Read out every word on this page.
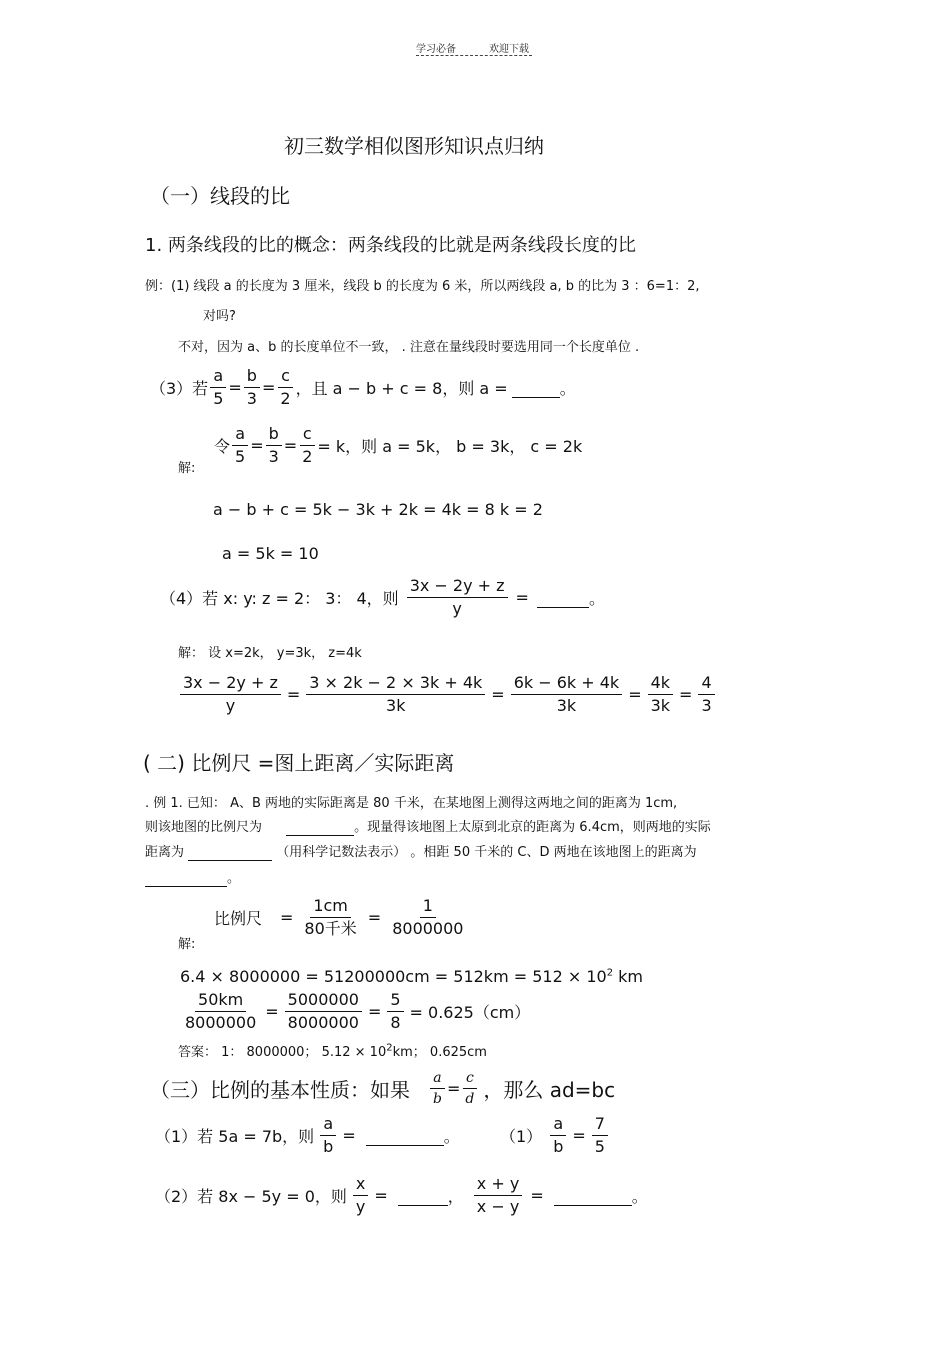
学习必备	欢迎下载
初三数学相似图形知识点归纳
（一）线段的比
1. 两条线段的比的概念：两条线段的比就是两条线段长度的比
例：(1) 线段 a 的长度为 3 厘米，线段 b 的长度为 6 米，所以两线段 a, b 的比为 3 ：6=1：2,
对吗?
不对，因为 a、b 的长度单位不一致， . 注意在量线段时要选用同一个长度单位 .
（3）若 $\frac{a}{5} = \frac{b}{3} = \frac{c}{2}$ ，且 a − b + c = 8，则 a =
	。
令 $\frac{a}{5} = \frac{b}{3} = \frac{c}{2} = k$，则 a = 5k， b = 3k， c = 2k
解:
a − b + c = 5k − 3k + 2k = 4k = 8 k = 2
a = 5k = 10
（4）若 x: y: z = 2： 3： 4，则 $\frac{3x - 2y + z}{y}$ =
	。
解： 设 x=2k， y=3k， z=4k
$\frac{3x - 2y + z}{y} = \frac{3 \times 2k - 2 \times 3k + 4k}{3k} = \frac{6k - 6k + 4k}{3k} = \frac{4k}{3k} = \frac{4}{3}$
( 二) 比例尺 =图上距离／实际距离
. 例 1. 已知： A、B 两地的实际距离是 80 千米，在某地图上测得这两地之间的距离为 1cm,
则该地图的比例尺为	。现量得该地图上太原到北京的距离为 6.4cm，则两地的实际
距离为	（用科学记数法表示） 。相距 50 千米的 C、D 两地在该地图上的距离为
。
比例尺 = $\frac{1cm}{\text{80千米}} = \frac{1}{8000000}$
解:
$6.4 \times 8000000 = 51200000cm = 512km = 512 \times 10^2$ km
$\frac{50km}{8000000} = \frac{5000000}{8000000} = \frac{5}{8} = 0.625(cm)$
答案： 1： 8000000； $5.12 \times 10^2km$； 0.625cm
（三）比例的基本性质：如果 $\frac{a}{b} = \frac{c}{d}$ ，那么 ad=bc
（1）若 5a = 7b，则 $\frac{a}{b}$ =
	。	$(1) \frac{a}{b} = \frac{7}{5}$
（2）若 8x − 5y = 0，则 $\frac{x}{y}$ =
	， $\frac{x + y}{x - y}$ =
	。
